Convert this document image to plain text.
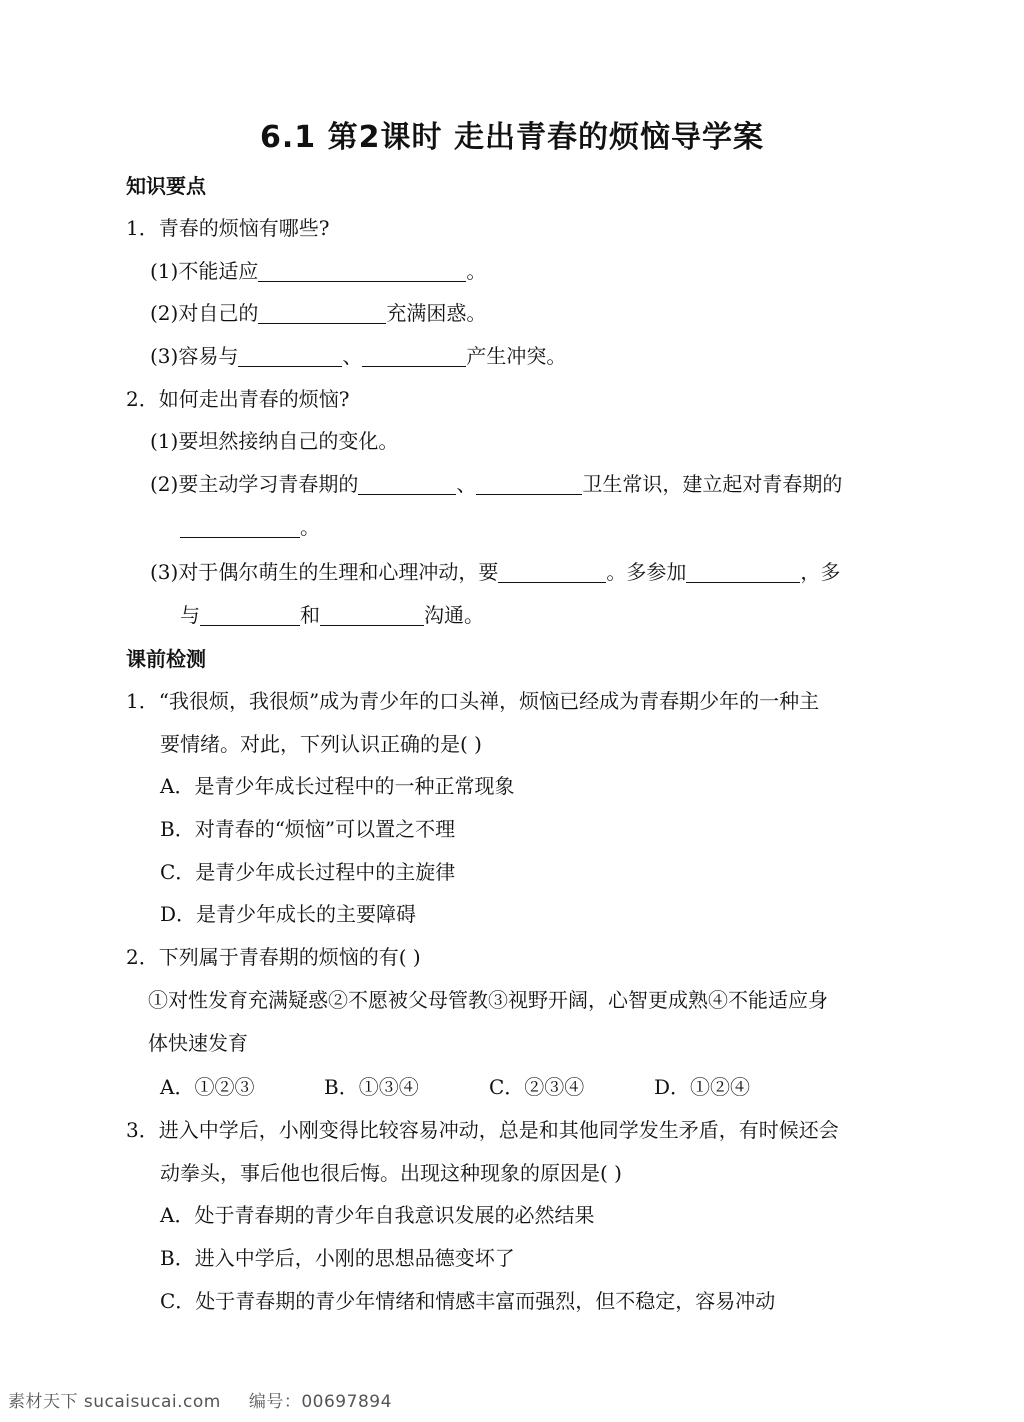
6.1 第2课时 走出青春的烦恼导学案
知识要点
1．青春的烦恼有哪些?
(1)不能适应	。
(2)对自己的	充满困惑。
(3)容易与	、	产生冲突。
2．如何走出青春的烦恼?
(1)要坦然接纳自己的变化。
(2)要主动学习青春期的	、	卫生常识，建立起对青春期的
。
(3)对于偶尔萌生的生理和心理冲动，要	。多参加	，多
与	和	沟通。
课前检测
1．“我很烦，我很烦”成为青少年的口头禅，烦恼已经成为青春期少年的一种主
要情绪。对此，下列认识正确的是( )
A．是青少年成长过程中的一种正常现象
B．对青春的“烦恼”可以置之不理
C．是青少年成长过程中的主旋律
D．是青少年成长的主要障碍
2．下列属于青春期的烦恼的有( )
①对性发育充满疑惑②不愿被父母管教③视野开阔，心智更成熟④不能适应身
体快速发育
A．①②③	B．①③④	C．②③④	D．①②④
3．进入中学后，小刚变得比较容易冲动，总是和其他同学发生矛盾，有时候还会
动拳头，事后他也很后悔。出现这种现象的原因是( )
A．处于青春期的青少年自我意识发展的必然结果
B．进入中学后，小刚的思想品德变坏了
C．处于青春期的青少年情绪和情感丰富而强烈，但不稳定，容易冲动
素材天下 sucaisucai.com 编号：00697894
